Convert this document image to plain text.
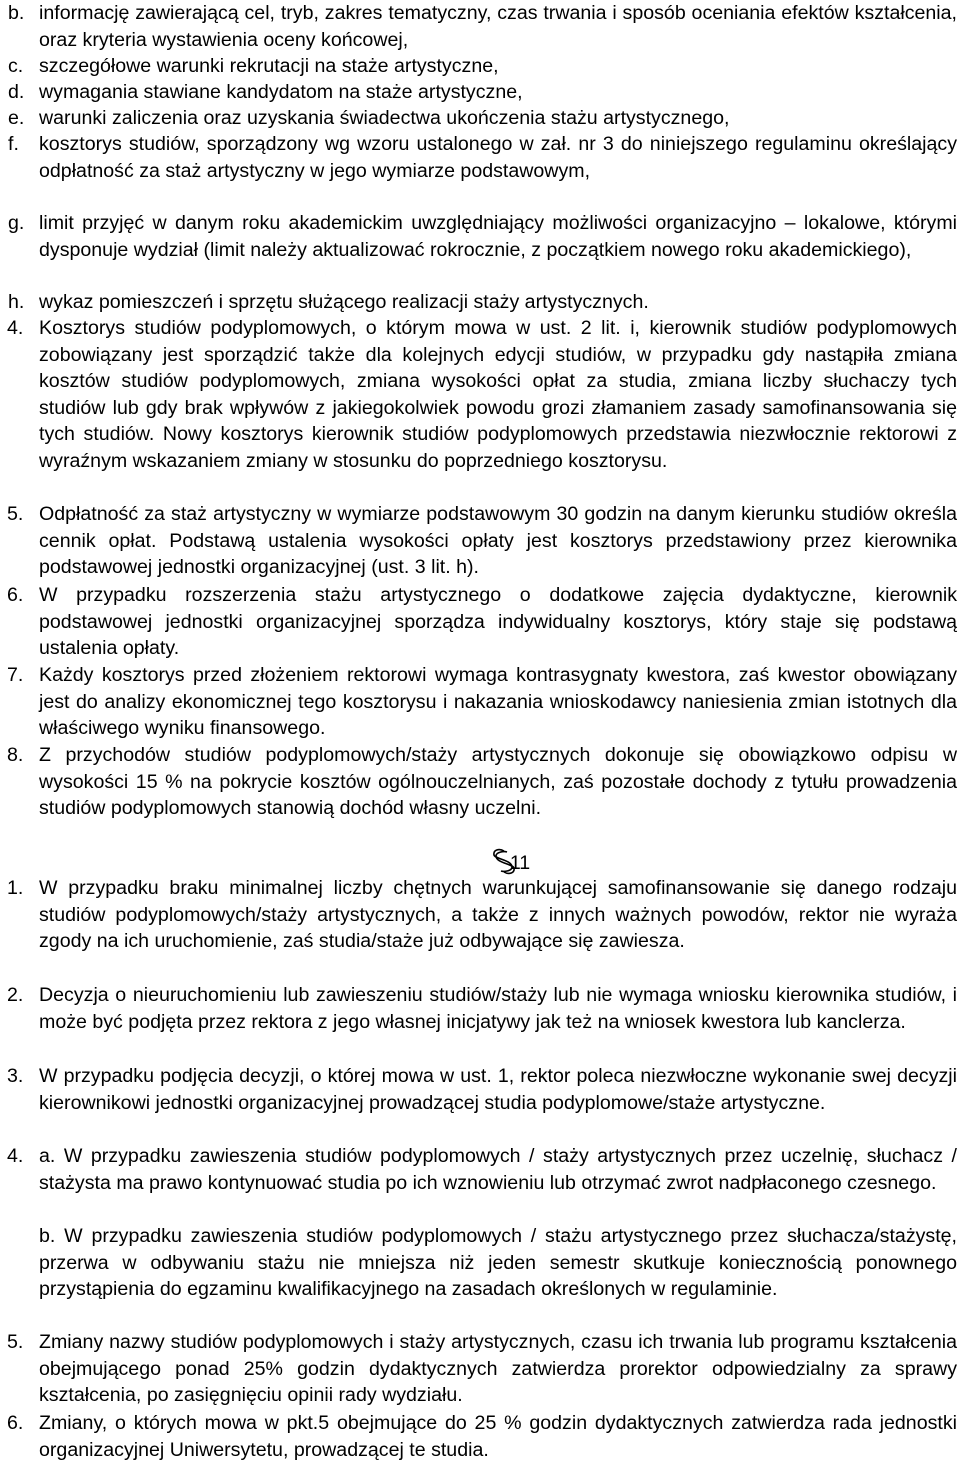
b. informację zawierającą cel, tryb, zakres tematyczny, czas trwania i sposób oceniania efektów kształcenia, oraz kryteria wystawienia oceny końcowej,
c. szczegółowe warunki rekrutacji na staże artystyczne,
d. wymagania stawiane kandydatom na staże artystyczne,
e. warunki zaliczenia oraz uzyskania świadectwa ukończenia stażu artystycznego,
f. kosztorys studiów, sporządzony wg wzoru ustalonego w zał. nr 3 do niniejszego regulaminu określający odpłatność za staż artystyczny w jego wymiarze podstawowym,
g. limit przyjęć w danym roku akademickim uwzględniający możliwości organizacyjno – lokalowe, którymi dysponuje wydział (limit należy aktualizować rokrocznie, z początkiem nowego roku akademickiego),
h. wykaz pomieszczeń i sprzętu służącego realizacji staży artystycznych.
4. Kosztorys studiów podyplomowych, o którym mowa w ust. 2 lit. i, kierownik studiów podyplomowych zobowiązany jest sporządzić także dla kolejnych edycji studiów, w przypadku gdy nastąpiła zmiana kosztów studiów podyplomowych, zmiana wysokości opłat za studia, zmiana liczby słuchaczy tych studiów lub gdy brak wpływów z jakiegokolwiek powodu grozi złamaniem zasady samofinansowania się tych studiów. Nowy kosztorys kierownik studiów podyplomowych przedstawia niezwłocznie rektorowi z wyraźnym wskazaniem zmiany w stosunku do poprzedniego kosztorysu.
5. Odpłatność za staż artystyczny w wymiarze podstawowym 30 godzin na danym kierunku studiów określa cennik opłat. Podstawą ustalenia wysokości opłaty jest kosztorys przedstawiony przez kierownika podstawowej jednostki organizacyjnej (ust. 3 lit. h).
6. W przypadku rozszerzenia stażu artystycznego o dodatkowe zajęcia dydaktyczne, kierownik podstawowej jednostki organizacyjnej sporządza indywidualny kosztorys, który staje się podstawą ustalenia opłaty.
7. Każdy kosztorys przed złożeniem rektorowi wymaga kontrasygnaty kwestora, zaś kwestor obowiązany jest do analizy ekonomicznej tego kosztorysu i nakazania wnioskodawcy naniesienia zmian istotnych dla właściwego wyniku finansowego.
8. Z przychodów studiów podyplomowych/staży artystycznych dokonuje się obowiązkowo odpisu w wysokości 15 % na pokrycie kosztów ogólnouczelnianych, zaś pozostałe dochody z tytułu prowadzenia studiów podyplomowych stanowią dochód własny uczelni.
11
1. W przypadku braku minimalnej liczby chętnych warunkującej samofinansowanie się danego rodzaju studiów podyplomowych/staży artystycznych, a także z innych ważnych powodów, rektor nie wyraża zgody na ich uruchomienie, zaś studia/staże już odbywające się zawiesza.
2. Decyzja o nieuruchomieniu lub zawieszeniu studiów/staży lub nie wymaga wniosku kierownika studiów, i może być podjęta przez rektora z jego własnej inicjatywy jak też na wniosek kwestora lub kanclerza.
3. W przypadku podjęcia decyzji, o której mowa w ust. 1, rektor poleca niezwłoczne wykonanie swej decyzji kierownikowi jednostki organizacyjnej prowadzącej studia podyplomowe/staże artystyczne.
4. a. W przypadku zawieszenia studiów podyplomowych / staży artystycznych przez uczelnię, słuchacz / stażysta ma prawo kontynuować studia po ich wznowieniu lub otrzymać zwrot nadpłaconego czesnego.
b. W przypadku zawieszenia studiów podyplomowych / stażu artystycznego przez słuchacza/stażystę, przerwa w odbywaniu stażu nie mniejsza niż jeden semestr skutkuje koniecznością ponownego przystąpienia do egzaminu kwalifikacyjnego na zasadach określonych w regulaminie.
5. Zmiany nazwy studiów podyplomowych i staży artystycznych, czasu ich trwania lub programu kształcenia obejmującego ponad 25% godzin dydaktycznych zatwierdza prorektor odpowiedzialny za sprawy kształcenia, po zasięgnięciu opinii rady wydziału.
6. Zmiany, o których mowa w pkt.5 obejmujące do 25 % godzin dydaktycznych zatwierdza rada jednostki organizacyjnej Uniwersytetu, prowadzącej te studia.
